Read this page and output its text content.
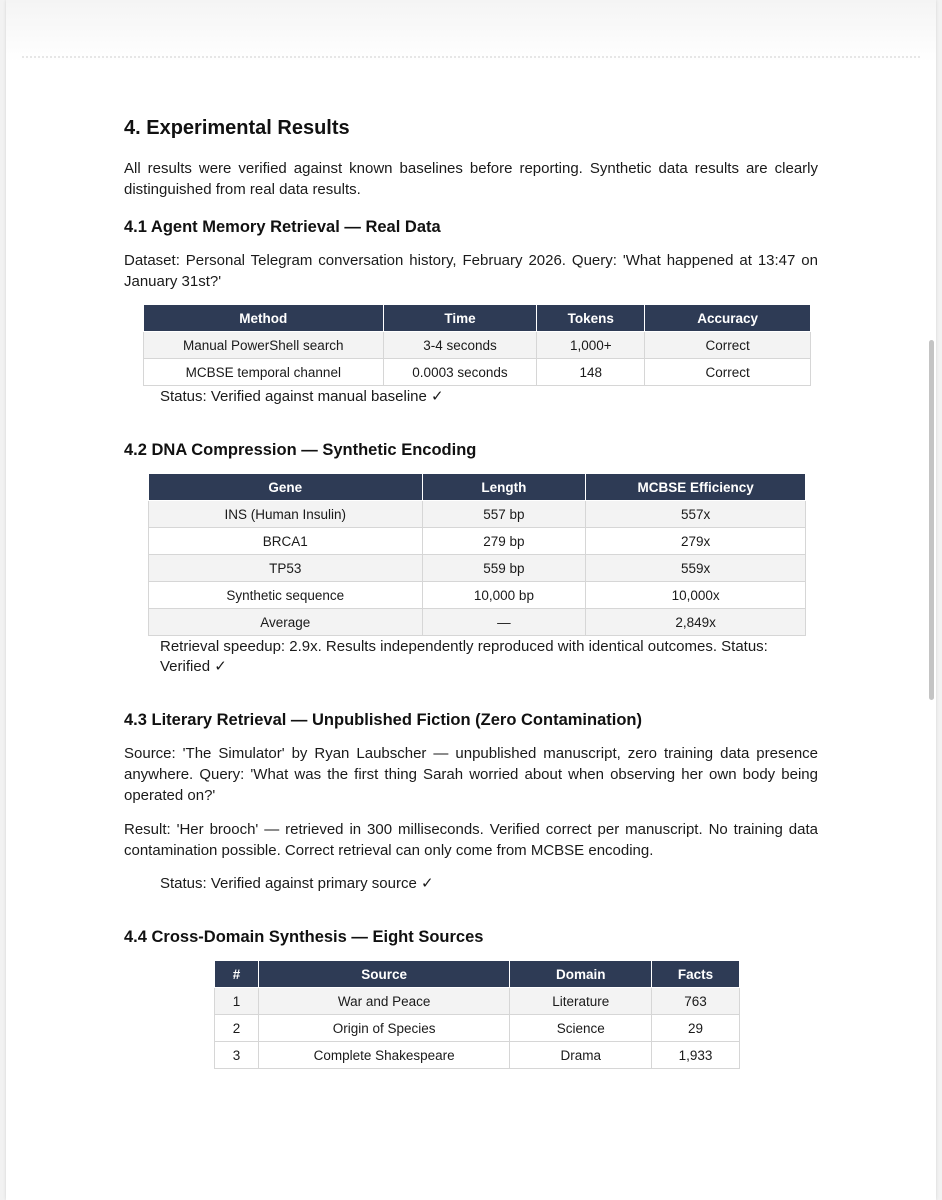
4. Experimental Results

All results were verified against known baselines before reporting. Synthetic data results are clearly distinguished from real data results.

4.1 Agent Memory Retrieval — Real Data

Dataset: Personal Telegram conversation history, February 2026. Query: 'What happened at 13:47 on January 31st?'

Method	Time	Tokens	Accuracy
Manual PowerShell search	3-4 seconds	1,000+	Correct
MCBSE temporal channel	0.0003 seconds	148	Correct

Status: Verified against manual baseline ✓

4.2 DNA Compression — Synthetic Encoding
Gene	Length	MCBSE Efficiency
INS (Human Insulin)	557 bp	557x
BRCA1	279 bp	279x
TP53	559 bp	559x
Synthetic sequence	10,000 bp	10,000x
Average	—	2,849x

Retrieval speedup: 2.9x. Results independently reproduced with identical outcomes. Status: Verified ✓

4.3 Literary Retrieval — Unpublished Fiction (Zero Contamination)

Source: 'The Simulator' by Ryan Laubscher — unpublished manuscript, zero training data presence anywhere. Query: 'What was the first thing Sarah worried about when observing her own body being operated on?'

Result: 'Her brooch' — retrieved in 300 milliseconds. Verified correct per manuscript. No training data contamination possible. Correct retrieval can only come from MCBSE encoding.

Status: Verified against primary source ✓

4.4 Cross-Domain Synthesis — Eight Sources
#	Source	Domain	Facts
1	War and Peace	Literature	763
2	Origin of Species	Science	29
3	Complete Shakespeare	Drama	1,933
